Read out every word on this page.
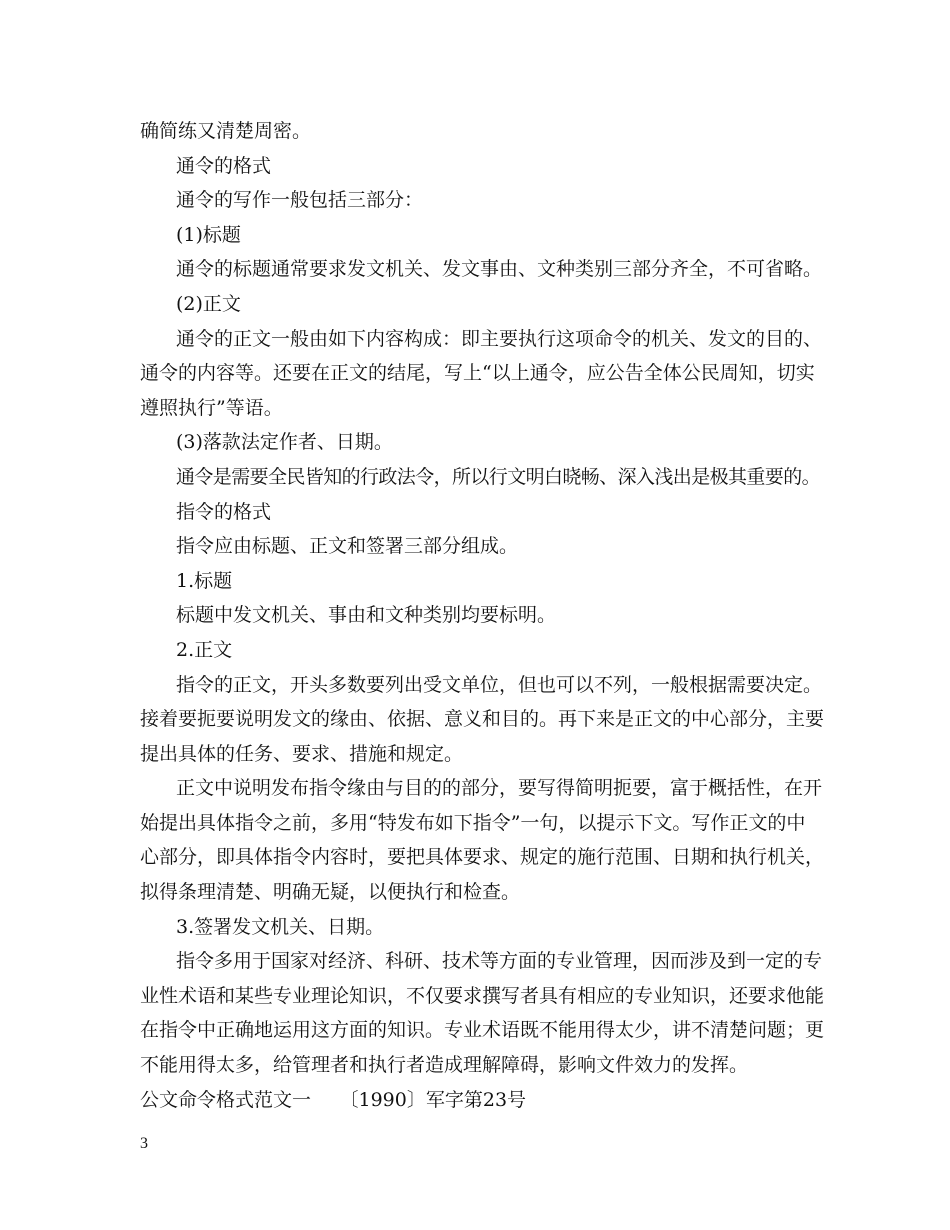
确简练又清楚周密。
通令的格式
通令的写作一般包括三部分：
(1)标题
通令的标题通常要求发文机关、发文事由、文种类别三部分齐全，不可省略。
(2)正文
通令的正文一般由如下内容构成：即主要执行这项命令的机关、发文的目的、
通令的内容等。还要在正文的结尾，写上“以上通令，应公告全体公民周知，切实
遵照执行”等语。
(3)落款法定作者、日期。
通令是需要全民皆知的行政法令，所以行文明白晓畅、深入浅出是极其重要的。
指令的格式
指令应由标题、正文和签署三部分组成。
1.标题
标题中发文机关、事由和文种类别均要标明。
2.正文
指令的正文，开头多数要列出受文单位，但也可以不列，一般根据需要决定。
接着要扼要说明发文的缘由、依据、意义和目的。再下来是正文的中心部分，主要
提出具体的任务、要求、措施和规定。
正文中说明发布指令缘由与目的的部分，要写得简明扼要，富于概括性，在开
始提出具体指令之前，多用“特发布如下指令”一句，以提示下文。写作正文的中
心部分，即具体指令内容时，要把具体要求、规定的施行范围、日期和执行机关，
拟得条理清楚、明确无疑，以便执行和检查。
3.签署发文机关、日期。
指令多用于国家对经济、科研、技术等方面的专业管理，因而涉及到一定的专
业性术语和某些专业理论知识，不仅要求撰写者具有相应的专业知识，还要求他能
在指令中正确地运用这方面的知识。专业术语既不能用得太少，讲不清楚问题；更
不能用得太多，给管理者和执行者造成理解障碍，影响文件效力的发挥。
公文命令格式范文一　　〔1990〕军字第23号
3
